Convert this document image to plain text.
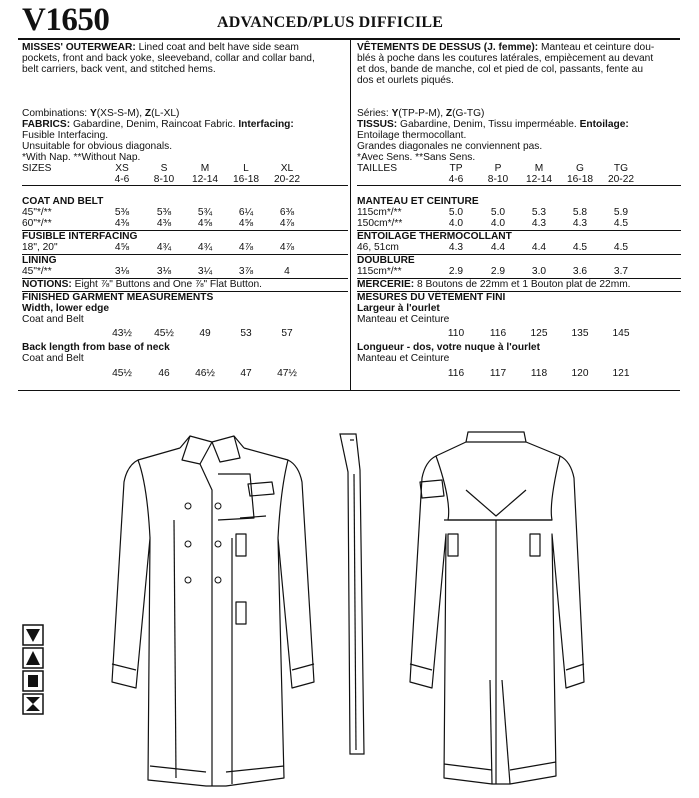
V1650	ADVANCED/PLUS DIFFICILE
MISSES' OUTERWEAR: Lined coat and belt have side seam
pockets, front and back yoke, sleeveband, collar and collar band,
belt carriers, back vent, and stitched hems.
Combinations: Y(XS-S-M), Z(L-XL)
FABRICS: Gabardine, Denim, Raincoat Fabric. Interfacing:
Fusible Interfacing.
Unsuitable for obvious diagonals.
*With Nap. **Without Nap.
SIZES	XS	S	M	L	XL
4-6	8-10	12-14	16-18	20-22
COAT AND BELT
45"*/**	5⅜	5⅜	5¾	6¼	6⅜
60"*/**	4⅜	4⅜	4⅝	4⅝	4⅞
FUSIBLE INTERFACING
18", 20"	4⅝	4¾	4¾	4⅞	4⅞
LINING
45"*/**	3⅛	3⅛	3¼	3⅞	4
NOTIONS: Eight ⅞" Buttons and One ⅞" Flat Button.
FINISHED GARMENT MEASUREMENTS
Width, lower edge
Coat and Belt
43½	45½	49	53	57
Back length from base of neck
Coat and Belt
45½	46	46½	47	47½
VÊTEMENTS DE DESSUS (J. femme): Manteau et ceinture dou-
blés à poche dans les coutures latérales, empiècement au devant
et dos, bande de manche, col et pied de col, passants, fente au
dos et ourlets piqués.
Séries: Y(TP-P-M), Z(G-TG)
TISSUS: Gabardine, Denim, Tissu imperméable. Entoilage:
Entoilage thermocollant.
Grandes diagonales ne conviennent pas.
*Avec Sens. **Sans Sens.
TAILLES	TP	P	M	G	TG
4-6	8-10	12-14	16-18	20-22
MANTEAU ET CEINTURE
115cm*/**	5.0	5.0	5.3	5.8	5.9
150cm*/**	4.0	4.0	4.3	4.3	4.5
ENTOILAGE THERMOCOLLANT
46, 51cm	4.3	4.4	4.4	4.5	4.5
DOUBLURE
115cm*/**	2.9	2.9	3.0	3.6	3.7
MERCERIE: 8 Boutons de 22mm et 1 Bouton plat de 22mm.
MESURES DU VÊTEMENT FINI
Largeur à l'ourlet
Manteau et Ceinture
110	116	125	135	145
Longueur - dos, votre nuque à l'ourlet
Manteau et Ceinture
116	117	118	120	121
